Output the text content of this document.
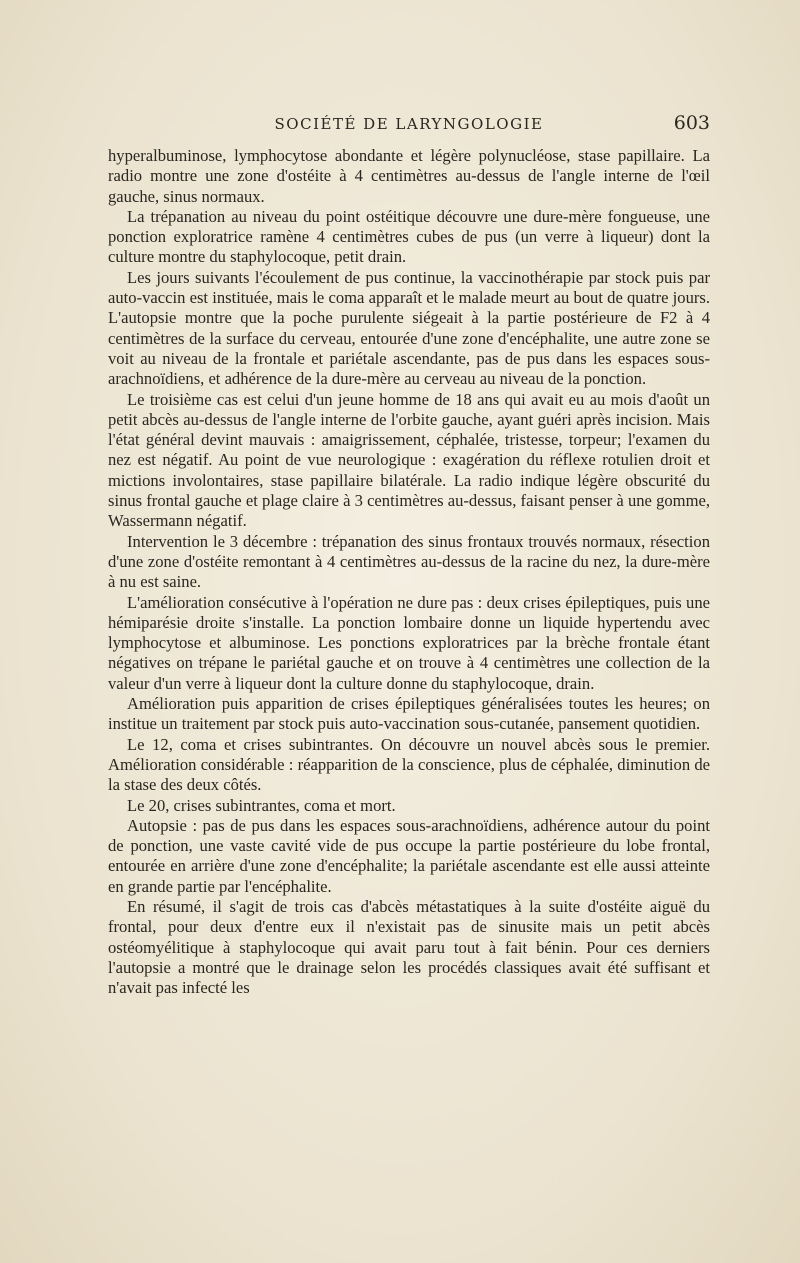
SOCIÉTÉ DE LARYNGOLOGIE	603

hyperalbuminose, lymphocytose abondante et légère polynucléose, stase papillaire. La radio montre une zone d'ostéite à 4 centimètres au-dessus de l'angle interne de l'œil gauche, sinus normaux.

La trépanation au niveau du point ostéitique découvre une dure-mère fongueuse, une ponction exploratrice ramène 4 centimètres cubes de pus (un verre à liqueur) dont la culture montre du staphylocoque, petit drain.

Les jours suivants l'écoulement de pus continue, la vaccinothérapie par stock puis par auto-vaccin est instituée, mais le coma apparaît et le malade meurt au bout de quatre jours. L'autopsie montre que la poche purulente siégeait à la partie postérieure de F2 à 4 centimètres de la surface du cerveau, entourée d'une zone d'encéphalite, une autre zone se voit au niveau de la frontale et pariétale ascendante, pas de pus dans les espaces sous-arachnoïdiens, et adhérence de la dure-mère au cerveau au niveau de la ponction.

Le troisième cas est celui d'un jeune homme de 18 ans qui avait eu au mois d'août un petit abcès au-dessus de l'angle interne de l'orbite gauche, ayant guéri après incision. Mais l'état général devint mauvais : amaigrissement, céphalée, tristesse, torpeur; l'examen du nez est négatif. Au point de vue neurologique : exagération du réflexe rotulien droit et mictions involontaires, stase papillaire bilatérale. La radio indique légère obscurité du sinus frontal gauche et plage claire à 3 centimètres au-dessus, faisant penser à une gomme, Wassermann négatif.

Intervention le 3 décembre : trépanation des sinus frontaux trouvés normaux, résection d'une zone d'ostéite remontant à 4 centimètres au-dessus de la racine du nez, la dure-mère à nu est saine.

L'amélioration consécutive à l'opération ne dure pas : deux crises épileptiques, puis une hémiparésie droite s'installe. La ponction lombaire donne un liquide hypertendu avec lymphocytose et albuminose. Les ponctions exploratrices par la brèche frontale étant négatives on trépane le pariétal gauche et on trouve à 4 centimètres une collection de la valeur d'un verre à liqueur dont la culture donne du staphylocoque, drain.

Amélioration puis apparition de crises épileptiques généralisées toutes les heures; on institue un traitement par stock puis auto-vaccination sous-cutanée, pansement quotidien.

Le 12, coma et crises subintrantes. On découvre un nouvel abcès sous le premier. Amélioration considérable : réapparition de la conscience, plus de céphalée, diminution de la stase des deux côtés.

Le 20, crises subintrantes, coma et mort.

Autopsie : pas de pus dans les espaces sous-arachnoïdiens, adhérence autour du point de ponction, une vaste cavité vide de pus occupe la partie postérieure du lobe frontal, entourée en arrière d'une zone d'encéphalite; la pariétale ascendante est elle aussi atteinte en grande partie par l'encéphalite.

En résumé, il s'agit de trois cas d'abcès métastatiques à la suite d'ostéite aiguë du frontal, pour deux d'entre eux il n'existait pas de sinusite mais un petit abcès ostéomyélitique à staphylocoque qui avait paru tout à fait bénin. Pour ces derniers l'autopsie a montré que le drainage selon les procédés classiques avait été suffisant et n'avait pas infecté les
